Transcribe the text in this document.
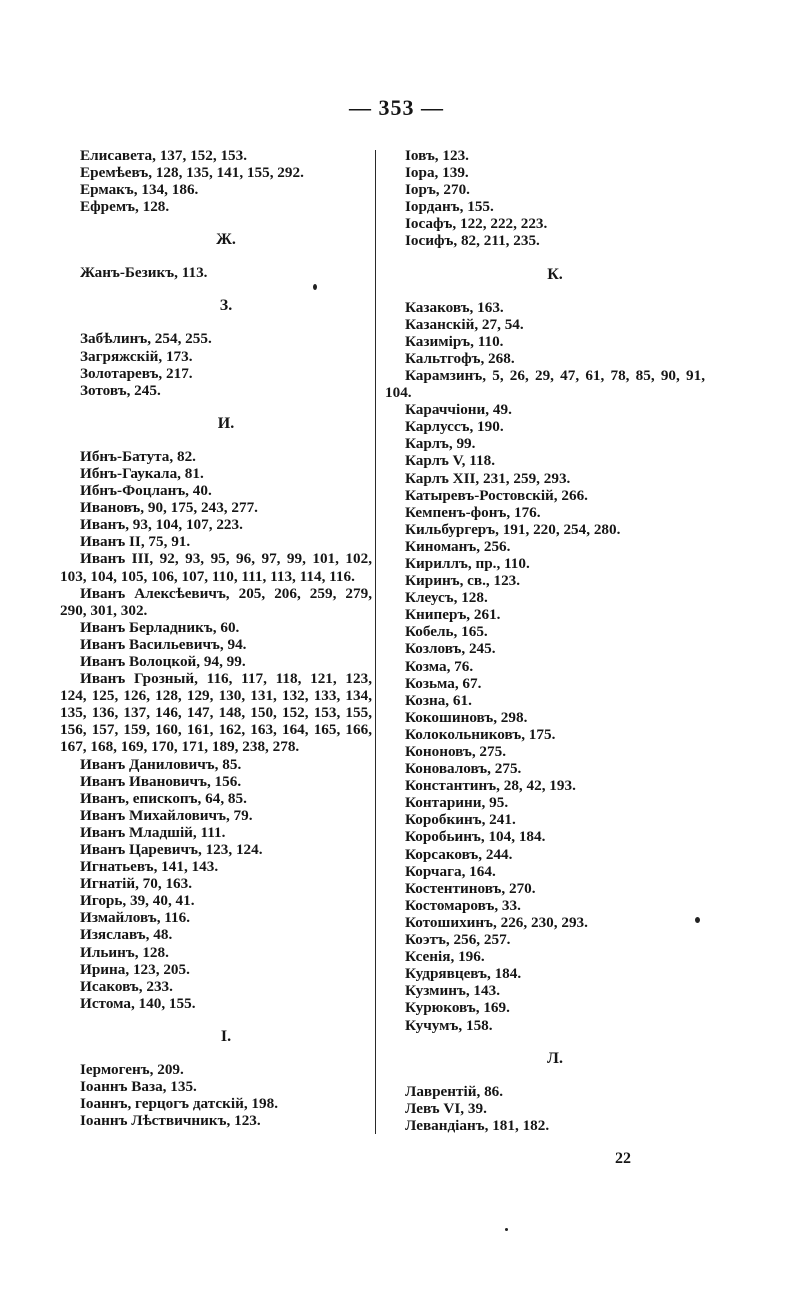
— 353 —
Елисавета, 137, 152, 153.
Еремѣевъ, 128, 135, 141, 155, 292.
Ермакъ, 134, 186.
Ефремъ, 128.
Ж.
Жанъ-Безикъ, 113.
З.
Забѣлинъ, 254, 255.
Загряжскій, 173.
Золотаревъ, 217.
Зотовъ, 245.
И.
Ибнъ-Батута, 82.
Ибнъ-Гаукала, 81.
Ибнъ-Фоцланъ, 40.
Ивановъ, 90, 175, 243, 277.
Иванъ, 93, 104, 107, 223.
Иванъ II, 75, 91.
Иванъ III, 92, 93, 95, 96, 97, 99, 101, 102, 103, 104, 105, 106, 107, 110, 111, 113, 114, 116.
Иванъ Алексѣевичъ, 205, 206, 259, 279, 290, 301, 302.
Иванъ Берладникъ, 60.
Иванъ Васильевичъ, 94.
Иванъ Волоцкой, 94, 99.
Иванъ Грозный, 116, 117, 118, 121, 123, 124, 125, 126, 128, 129, 130, 131, 132, 133, 134, 135, 136, 137, 146, 147, 148, 150, 152, 153, 155, 156, 157, 159, 160, 161, 162, 163, 164, 165, 166, 167, 168, 169, 170, 171, 189, 238, 278.
Иванъ Даниловичъ, 85.
Иванъ Ивановичъ, 156.
Иванъ, епископъ, 64, 85.
Иванъ Михайловичъ, 79.
Иванъ Младшій, 111.
Иванъ Царевичъ, 123, 124.
Игнатьевъ, 141, 143.
Игнатій, 70, 163.
Игорь, 39, 40, 41.
Измайловъ, 116.
Изяславъ, 48.
Ильинъ, 128.
Ирина, 123, 205.
Исаковъ, 233.
Истома, 140, 155.
І.
Іермогенъ, 209.
Іоаннъ Ваза, 135.
Іоаннъ, герцогъ датскій, 198.
Іоаннъ Лѣствичникъ, 123.
Іовъ, 123.
Іора, 139.
Іоръ, 270.
Іорданъ, 155.
Іосафъ, 122, 222, 223.
Іосифъ, 82, 211, 235.
К.
Казаковъ, 163.
Казанскій, 27, 54.
Казиміръ, 110.
Кальтгофъ, 268.
Карамзинъ, 5, 26, 29, 47, 61, 78, 85, 90, 91, 104.
Караччіони, 49.
Карлуссъ, 190.
Карлъ, 99.
Карлъ V, 118.
Карлъ XII, 231, 259, 293.
Катыревъ-Ростовскій, 266.
Кемпенъ-фонъ, 176.
Кильбургеръ, 191, 220, 254, 280.
Киноманъ, 256.
Кириллъ, пр., 110.
Киринъ, св., 123.
Клеусъ, 128.
Книперъ, 261.
Кобель, 165.
Козловъ, 245.
Козма, 76.
Козьма, 67.
Козна, 61.
Кокошиновъ, 298.
Колокольниковъ, 175.
Кононовъ, 275.
Коноваловъ, 275.
Константинъ, 28, 42, 193.
Контарини, 95.
Коробкинъ, 241.
Коробьинъ, 104, 184.
Корсаковъ, 244.
Корчага, 164.
Костентиновъ, 270.
Костомаровъ, 33.
Котошихинъ, 226, 230, 293.
Коэтъ, 256, 257.
Ксенія, 196.
Кудрявцевъ, 184.
Кузминъ, 143.
Курюковъ, 169.
Кучумъ, 158.
Л.
Лаврентій, 86.
Левъ VI, 39.
Левандіанъ, 181, 182.
22
